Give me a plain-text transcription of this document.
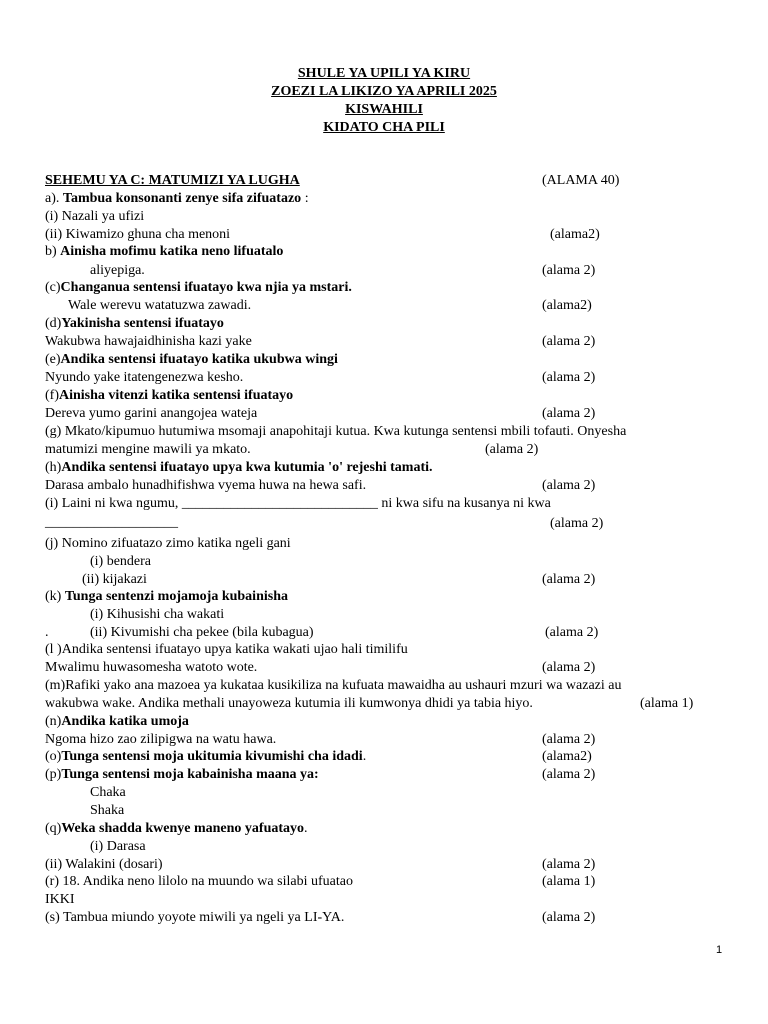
SHULE YA UPILI YA KIRU
ZOEZI LA LIKIZO YA APRILI 2025
KISWAHILI
KIDATO CHA PILI
SEHEMU YA C: MATUMIZI YA LUGHA	(ALAMA 40)
a). Tambua konsonanti zenye sifa zifuatazo :
(i) Nazali ya ufizi
(ii) Kiwamizo ghuna cha menoni	(alama2)
b) Ainisha mofimu katika neno lifuatalo
aliyepiga.	(alama 2)
(c)Changanua sentensi ifuatayo kwa njia ya mstari.
Wale werevu watatuzwa zawadi.	(alama2)
(d)Yakinisha sentensi ifuatayo
Wakubwa hawajaidhinisha kazi yake	(alama 2)
(e)Andika sentensi ifuatayo katika ukubwa wingi
Nyundo yake itatengenezwa kesho.	(alama 2)
(f)Ainisha vitenzi katika sentensi ifuatayo
Dereva yumo garini anangojea wateja	(alama 2)
(g) Mkato/kipumuo hutumiwa msomaji anapohitaji kutua. Kwa kutunga sentensi mbili tofauti. Onyesha
matumizi mengine mawili ya mkato.	(alama 2)
(h)Andika sentensi ifuatayo upya kwa kutumia 'o' rejeshi tamati.
Darasa ambalo hunadhifishwa vyema huwa na hewa safi.	(alama 2)
(i) Laini ni kwa ngumu, ____________________________ ni kwa sifu na kusanya ni kwa
___________________	(alama 2)
(j) Nomino zifuatazo zimo katika ngeli gani
(i) bendera
(ii) kijakazi	(alama 2)
(k) Tunga sentenzi mojamoja kubainisha
(i) Kihusishi cha wakati
.	(ii) Kivumishi cha pekee (bila kubagua)	(alama 2)
(l )Andika sentensi ifuatayo upya katika wakati ujao hali timilifu
Mwalimu huwasomesha watoto wote.	(alama 2)
(m)Rafiki yako ana mazoea ya kukataa kusikiliza na kufuata mawaidha au ushauri mzuri wa wazazi au
wakubwa wake. Andika methali unayoweza kutumia ili kumwonya dhidi ya tabia hiyo.	(alama 1)
(n)Andika katika umoja
Ngoma hizo zao zilipigwa na watu hawa.	(alama 2)
(o)Tunga sentensi moja ukitumia kivumishi cha idadi.	(alama2)
(p)Tunga sentensi moja kabainisha maana ya:	(alama 2)
Chaka
Shaka
(q)Weka shadda kwenye maneno yafuatayo.
(i) Darasa
(ii) Walakini (dosari)	(alama 2)
(r) 18. Andika neno lilolo na muundo wa silabi ufuatao	(alama 1)
IKKI
(s) Tambua miundo yoyote miwili ya ngeli ya LI-YA.	(alama 2)
1
